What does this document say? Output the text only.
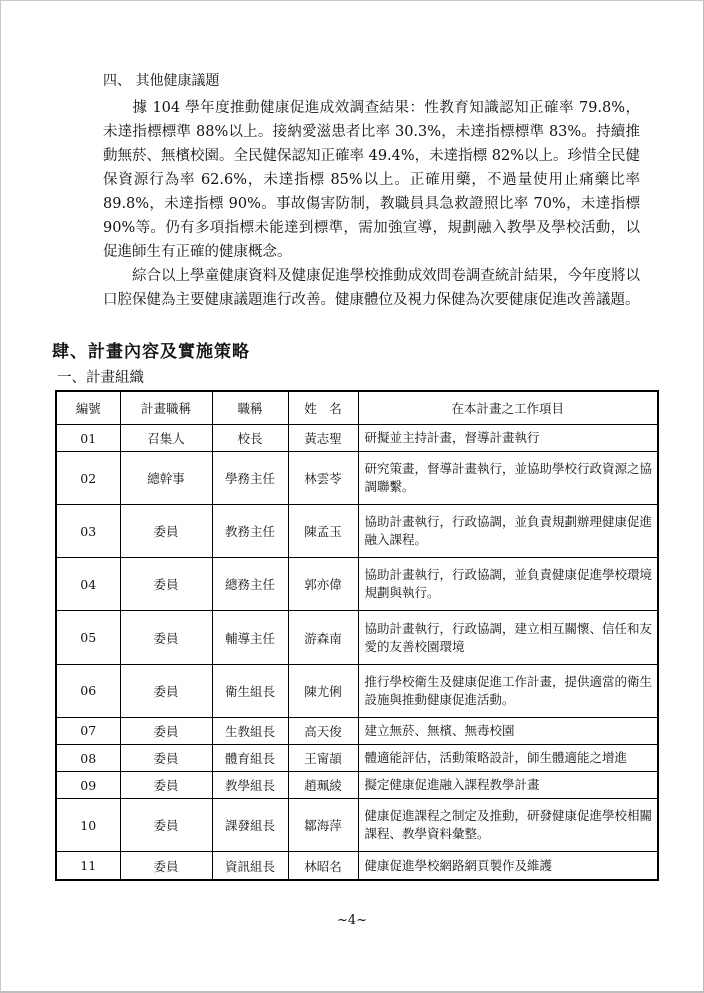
四、 其他健康議題
據 104 學年度推動健康促進成效調查結果：性教育知識認知正確率 79.8%，未達指標標準 88%以上。接納愛滋患者比率 30.3%，未達指標標準 83%。持續推動無菸、無檳校園。全民健保認知正確率 49.4%，未達指標 82%以上。珍惜全民健保資源行為率 62.6%，未達指標 85%以上。正確用藥，不過量使用止痛藥比率 89.8%，未達指標 90%。事故傷害防制，教職員具急救證照比率 70%，未達指標 90%等。仍有多項指標未能達到標準，需加強宣導，規劃融入教學及學校活動，以促進師生有正確的健康概念。
綜合以上學童健康資料及健康促進學校推動成效問卷調查統計結果，今年度將以口腔保健為主要健康議題進行改善。健康體位及視力保健為次要健康促進改善議題。
肆、計畫內容及實施策略
一、計畫組織
編號	計畫職稱	職稱	姓　名	在本計畫之工作項目
01	召集人	校長	黃志聖	研擬並主持計畫，督導計畫執行
02	總幹事	學務主任	林雲苓	研究策畫，督導計畫執行，並協助學校行政資源之協調聯繫。
03	委員	教務主任	陳孟玉	協助計畫執行，行政協調，並負責規劃辦理健康促進融入課程。
04	委員	總務主任	郭亦偉	協助計畫執行，行政協調，並負責健康促進學校環境規劃與執行。
05	委員	輔導主任	游森南	協助計畫執行，行政協調，建立相互關懷、信任和友愛的友善校園環境
06	委員	衛生組長	陳尤俐	推行學校衛生及健康促進工作計畫，提供適當的衛生設施與推動健康促進活動。
07	委員	生教組長	高天俊	建立無菸、無檳、無毒校園
08	委員	體育組長	王甯頡	體適能評估，活動策略設計，師生體適能之增進
09	委員	教學組長	趙珮綾	擬定健康促進融入課程教學計畫
10	委員	課發組長	鄒海萍	健康促進課程之制定及推動，研發健康促進學校相關課程、教學資料彙整。
11	委員	資訊組長	林昭名	健康促進學校網路網頁製作及維護
~4~
